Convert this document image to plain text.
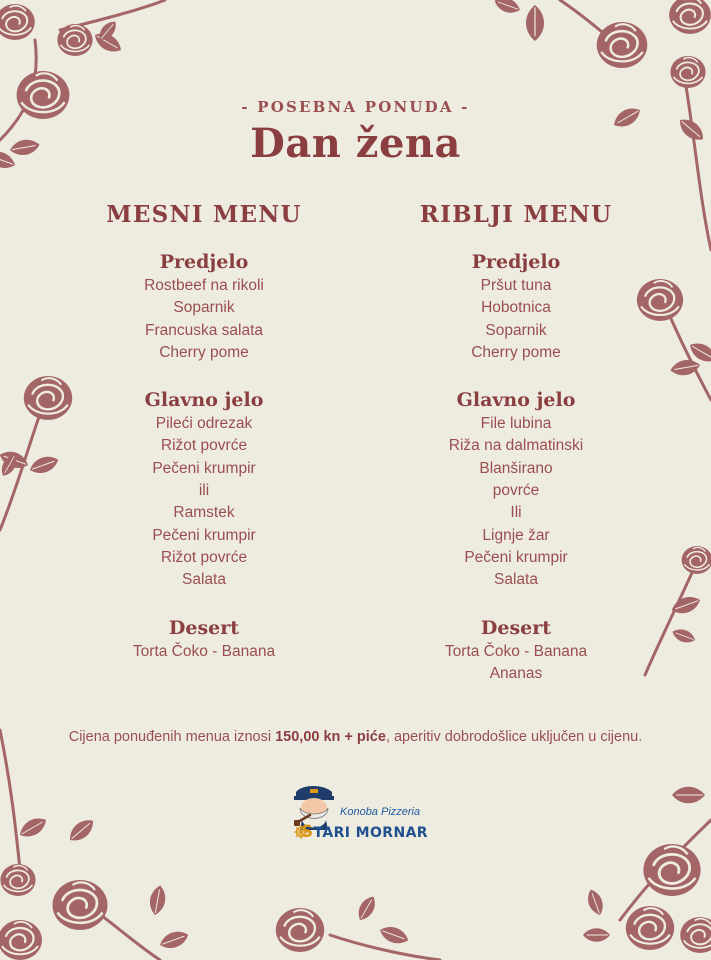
- POSEBNA PONUDA -
Dan žena
MESNI MENU
Predjelo
Rostbeef na rikoli
Soparnik
Francuska salata
Cherry pome
Glavno jelo
Pileći odrezak
Rižot povrće
Pečeni krumpir
ili
Ramstek
Pečeni krumpir
Rižot povrće
Salata
Desert
Torta Čoko - Banana
RIBLJI MENU
Predjelo
Pršut tuna
Hobotnica
Soparnik
Cherry pome
Glavno jelo
File lubina
Riža na dalmatinski
Blanširano
povrće
Ili
Lignje žar
Pečeni krumpir
Salata
Desert
Torta Čoko - Banana
Ananas
Cijena ponuđenih menua iznosi 150,00 kn + piće, aperitiv dobrodošlice uključen u cijenu.
Konoba Pizzeria
STARI MORNAR
